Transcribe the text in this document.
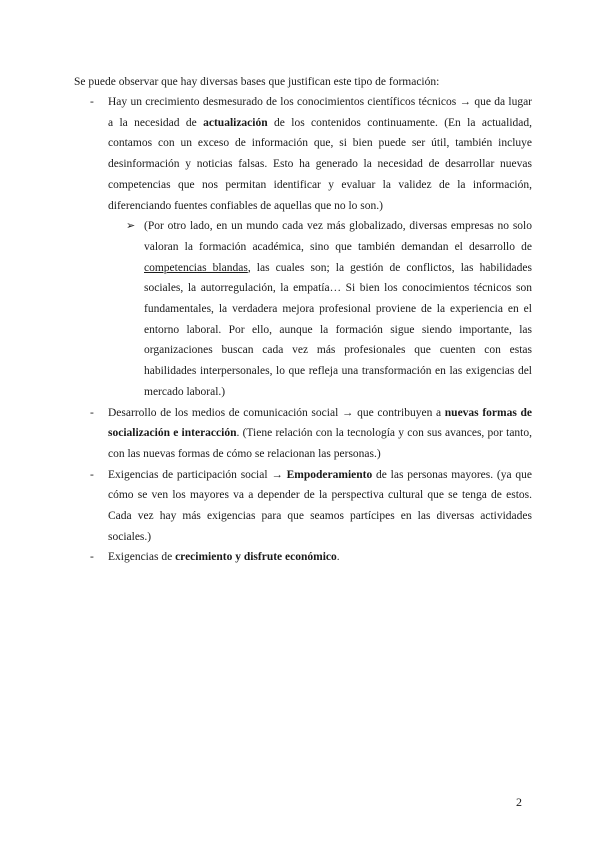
Se puede observar que hay diversas bases que justifican este tipo de formación:

- Hay un crecimiento desmesurado de los conocimientos científicos técnicos → que da lugar a la necesidad de actualización de los contenidos continuamente. (En la actualidad, contamos con un exceso de información que, si bien puede ser útil, también incluye desinformación y noticias falsas. Esto ha generado la necesidad de desarrollar nuevas competencias que nos permitan identificar y evaluar la validez de la información, diferenciando fuentes confiables de aquellas que no lo son.)
➢ (Por otro lado, en un mundo cada vez más globalizado, diversas empresas no solo valoran la formación académica, sino que también demandan el desarrollo de competencias blandas, las cuales son; la gestión de conflictos, las habilidades sociales, la autorregulación, la empatía… Si bien los conocimientos técnicos son fundamentales, la verdadera mejora profesional proviene de la experiencia en el entorno laboral. Por ello, aunque la formación sigue siendo importante, las organizaciones buscan cada vez más profesionales que cuenten con estas habilidades interpersonales, lo que refleja una transformación en las exigencias del mercado laboral.)
- Desarrollo de los medios de comunicación social → que contribuyen a nuevas formas de socialización e interacción. (Tiene relación con la tecnología y con sus avances, por tanto, con las nuevas formas de cómo se relacionan las personas.)
- Exigencias de participación social → Empoderamiento de las personas mayores. (ya que cómo se ven los mayores va a depender de la perspectiva cultural que se tenga de estos. Cada vez hay más exigencias para que seamos partícipes en las diversas actividades sociales.)
- Exigencias de crecimiento y disfrute económico.
2
